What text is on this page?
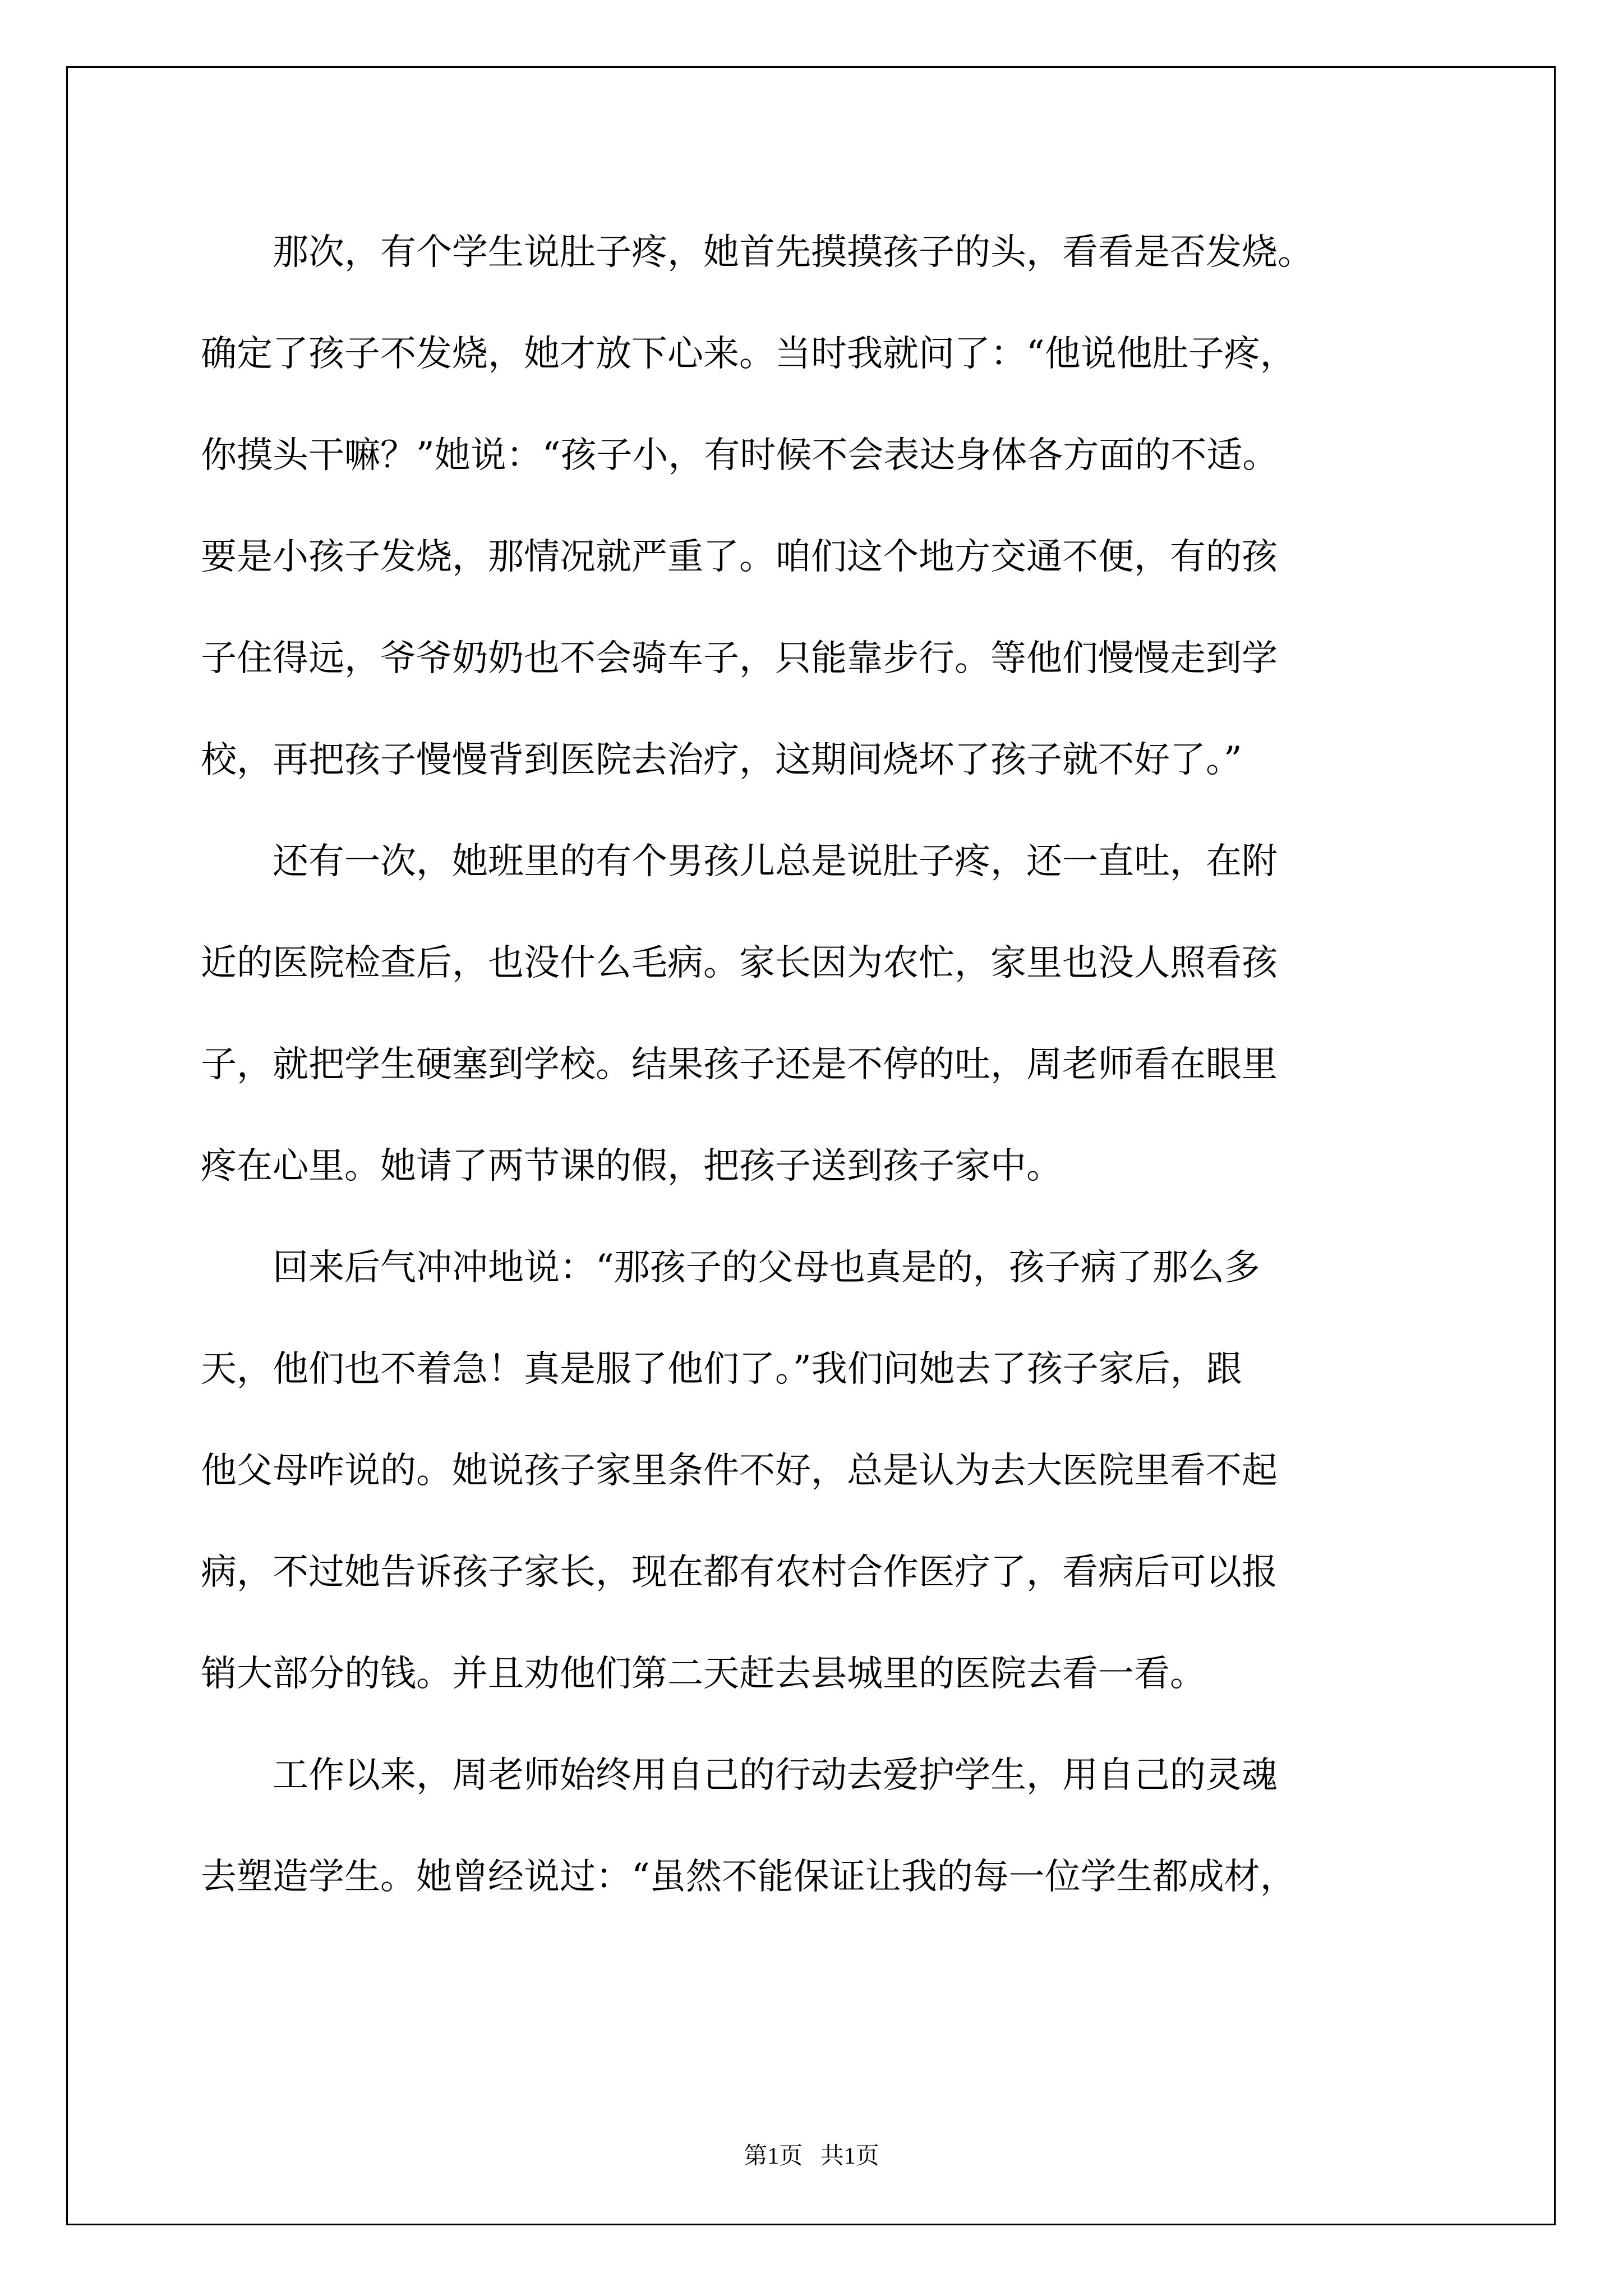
　　那次，有个学生说肚子疼，她首先摸摸孩子的头，看看是否发烧。
确定了孩子不发烧，她才放下心来。当时我就问了：“他说他肚子疼，
你摸头干嘛？”她说：“孩子小，有时候不会表达身体各方面的不适。
要是小孩子发烧，那情况就严重了。咱们这个地方交通不便，有的孩
子住得远，爷爷奶奶也不会骑车子，只能靠步行。等他们慢慢走到学
校，再把孩子慢慢背到医院去治疗，这期间烧坏了孩子就不好了。”
　　还有一次，她班里的有个男孩儿总是说肚子疼，还一直吐，在附
近的医院检查后，也没什么毛病。家长因为农忙，家里也没人照看孩
子，就把学生硬塞到学校。结果孩子还是不停的吐，周老师看在眼里
疼在心里。她请了两节课的假，把孩子送到孩子家中。
　　回来后气冲冲地说：“那孩子的父母也真是的，孩子病了那么多
天，他们也不着急！真是服了他们了。”我们问她去了孩子家后，跟
他父母咋说的。她说孩子家里条件不好，总是认为去大医院里看不起
病，不过她告诉孩子家长，现在都有农村合作医疗了，看病后可以报
销大部分的钱。并且劝他们第二天赶去县城里的医院去看一看。
　　工作以来，周老师始终用自己的行动去爱护学生，用自己的灵魂
去塑造学生。她曾经说过：“虽然不能保证让我的每一位学生都成材，
第1页   共1页
